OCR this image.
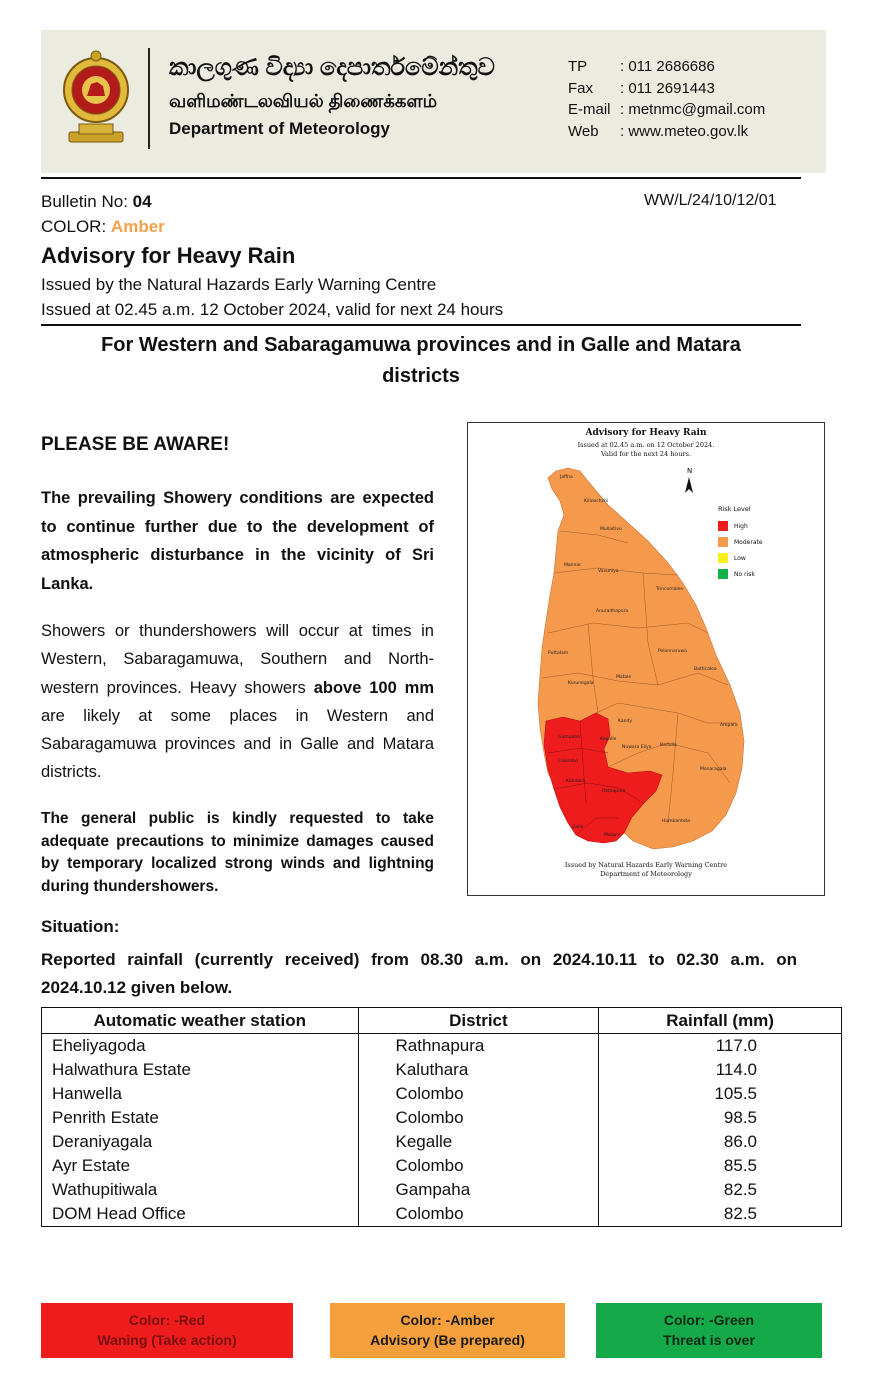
කාලගුණ විද්‍යා දෙපාර්තමේන්තුව
வளிமண்டலவியல் திணைக்களம்
Department of Meteorology
TP : 011 2686686
Fax : 011 2691443
E-mail : metnmc@gmail.com
Web : www.meteo.gov.lk
Bulletin No: 04	WW/L/24/10/12/01
COLOR: Amber
Advisory for Heavy Rain
Issued by the Natural Hazards Early Warning Centre
Issued at 02.45 a.m. 12 October 2024, valid for next 24 hours
For Western and Sabaragamuwa provinces and in Galle and Matara
districts
PLEASE BE AWARE!
The prevailing Showery conditions are expected to continue further due to the development of atmospheric disturbance in the vicinity of Sri Lanka.
Showers or thundershowers will occur at times in Western, Sabaragamuwa, Southern and North-western provinces. Heavy showers above 100 mm are likely at some places in Western and Sabaragamuwa provinces and in Galle and Matara districts.
The general public is kindly requested to take adequate precautions to minimize damages caused by temporary localized strong winds and lightning during thundershowers.
Advisory for Heavy Rain
Issued at 02.45 a.m. on 12 October 2024.
Valid for the next 24 hours.
N
Risk Level
High
Moderate
Low
No risk
Jaffna
Kilinochchi
Mullaitivu
Mannar
Vavuniya
Trincomalee
Anuradhapura
Polonnaruwa
Puttalam
Batticaloa
Kurunegala
Matale
Kandy
Ampara
Gampaha	Kegalle
Nuwara Eliya Badulla
Colombo
Kalutara
Ratnapura
Monaragala
Galle
Matara
Hambantota
Issued by Natural Hazards Early Warning Centre
Department of Meteorology
Situation:
Reported rainfall (currently received) from 08.30 a.m. on 2024.10.11 to 02.30 a.m. on 2024.10.12 given below.
Automatic weather station	District	Rainfall (mm)
Eheliyagoda	Rathnapura	117.0
Halwathura Estate	Kaluthara	114.0
Hanwella	Colombo	105.5
Penrith Estate	Colombo	98.5
Deraniyagala	Kegalle	86.0
Ayr Estate	Colombo	85.5
Wathupitiwala	Gampaha	82.5
DOM Head Office	Colombo	82.5
Color: -Red
Waning (Take action)
Color: -Amber
Advisory (Be prepared)
Color: -Green
Threat is over
